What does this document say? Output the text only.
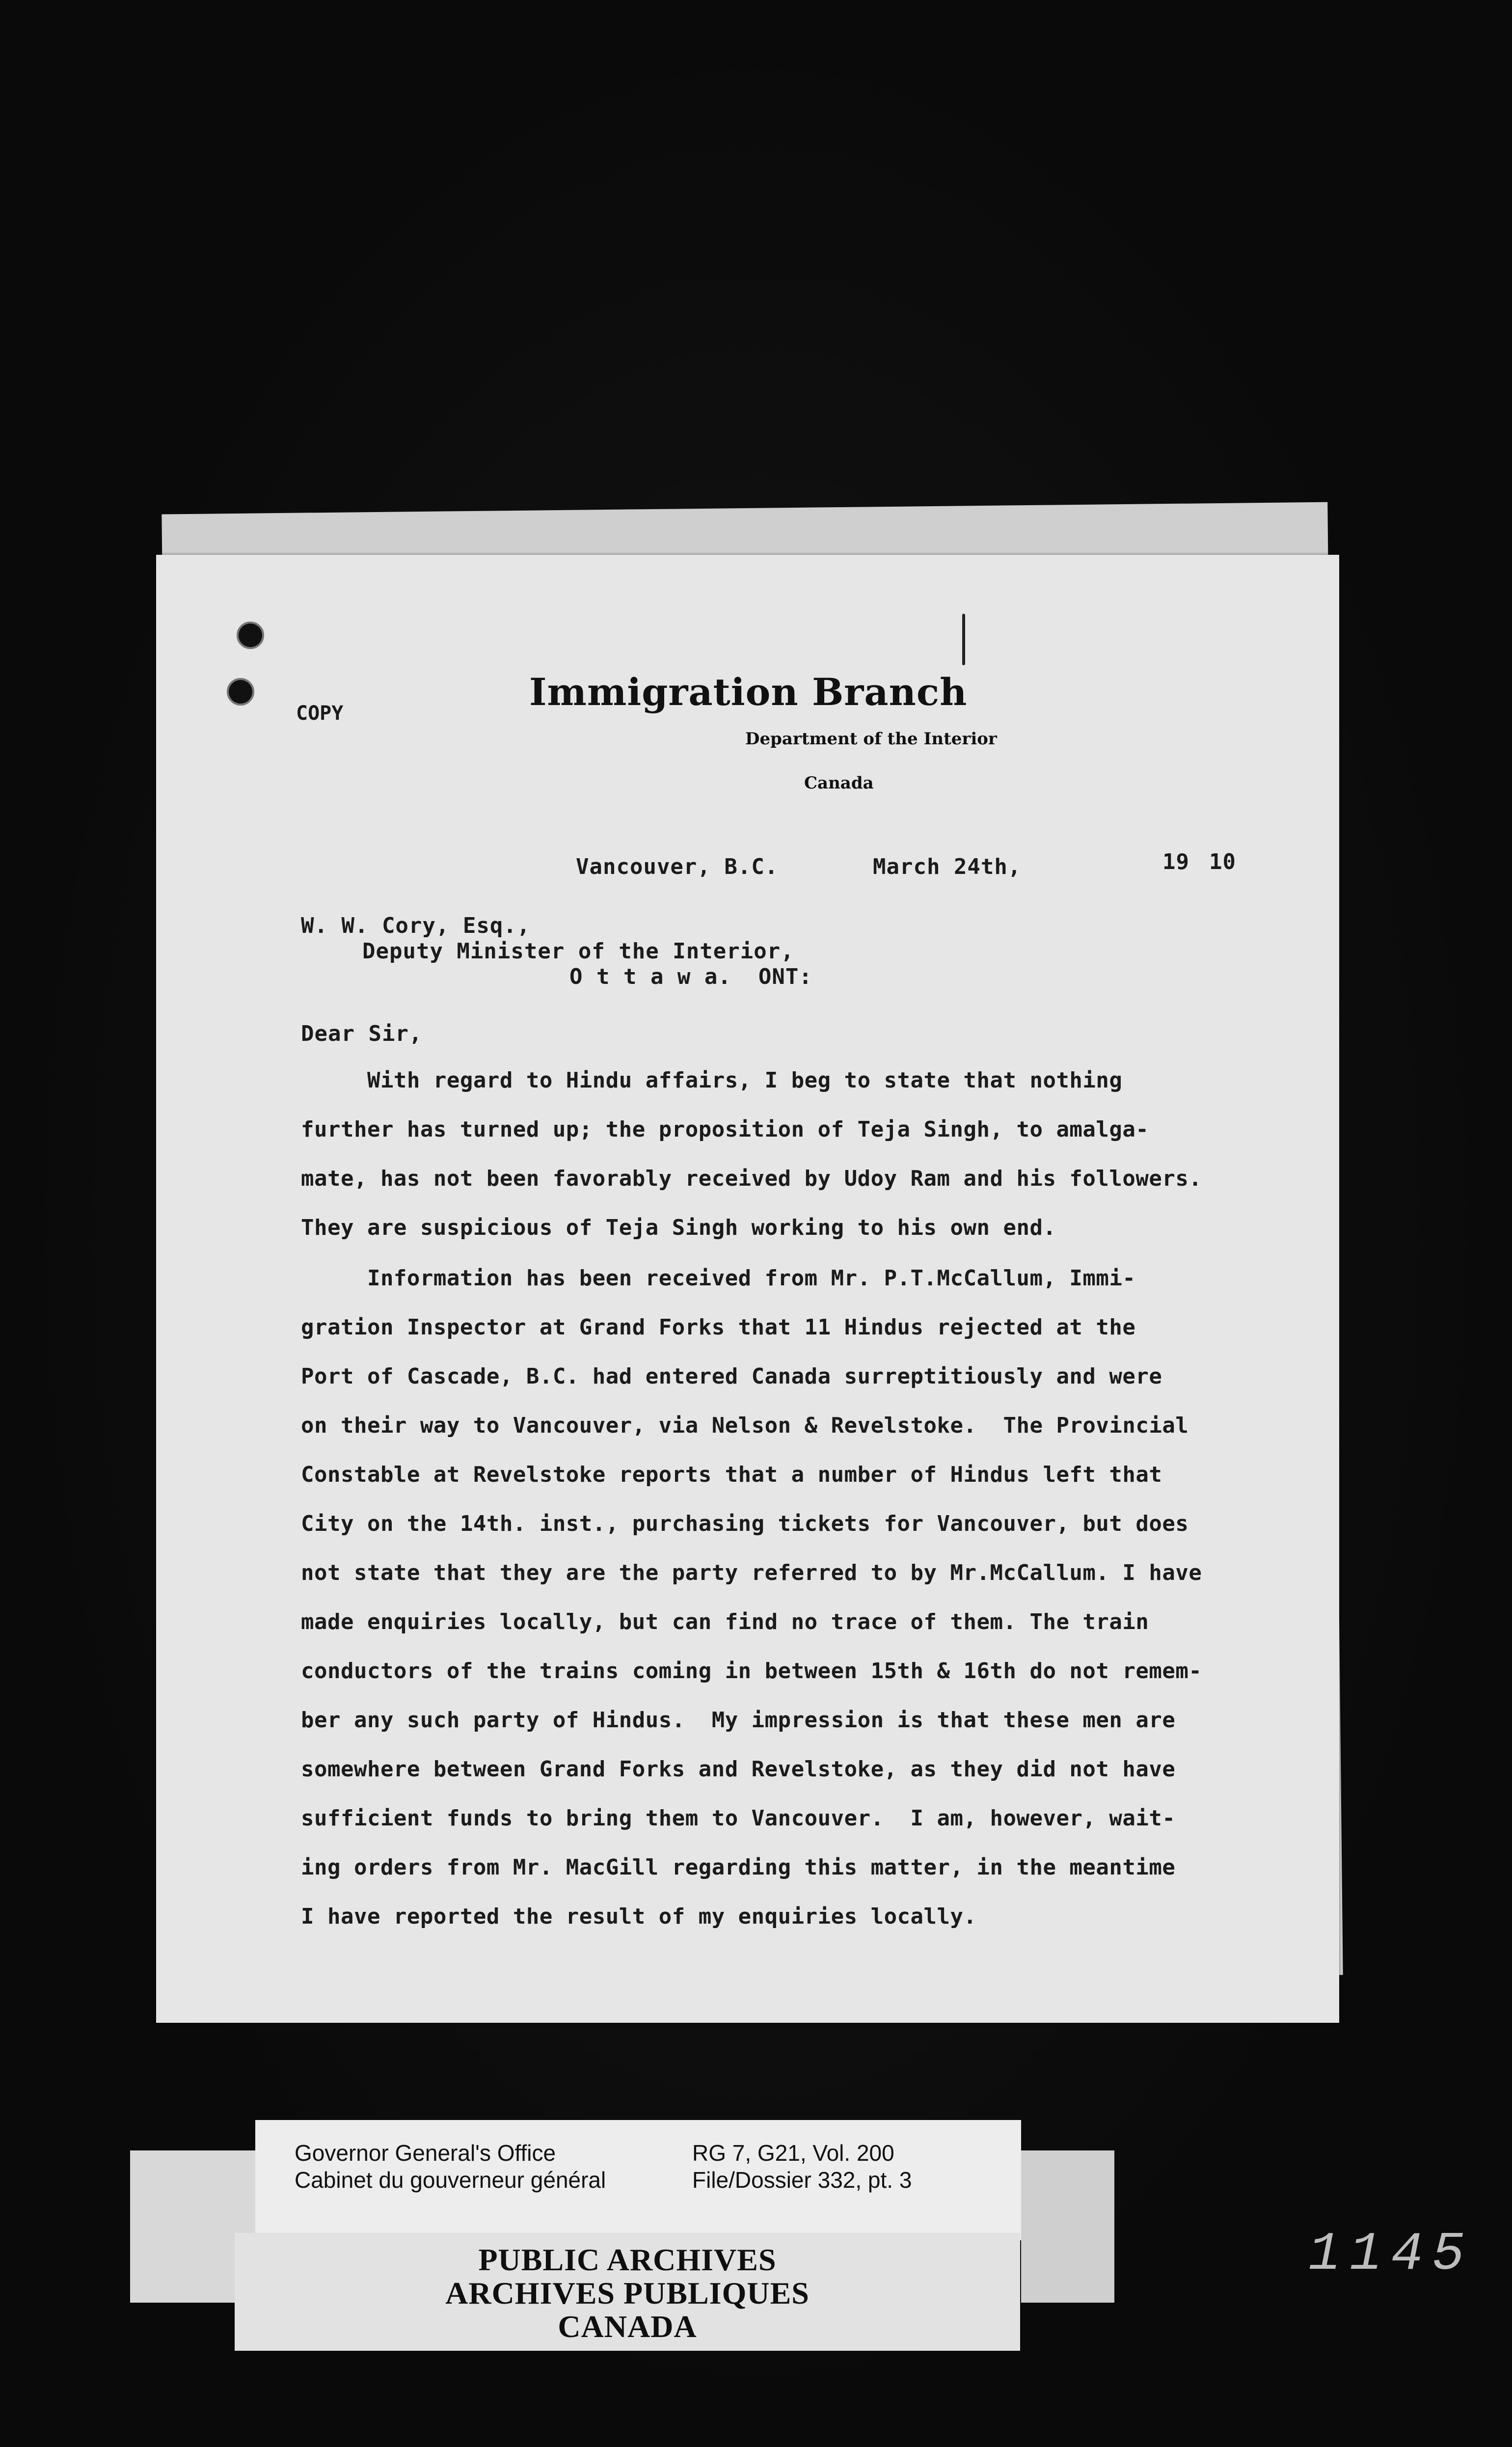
COPY	Immigration Branch
Department of the Interior
Canada
Vancouver, B.C.	March 24th,	19 10
W. W. Cory, Esq.,
Deputy Minister of the Interior,
O t t a w a.  ONT:
Dear Sir,
With regard to Hindu affairs, I beg to state that nothing
further has turned up; the proposition of Teja Singh, to amalga-
mate, has not been favorably received by Udoy Ram and his followers.
They are suspicious of Teja Singh working to his own end.
Information has been received from Mr. P.T.McCallum, Immi-
gration Inspector at Grand Forks that 11 Hindus rejected at the
Port of Cascade, B.C. had entered Canada surreptitiously and were
on their way to Vancouver, via Nelson & Revelstoke.  The Provincial
Constable at Revelstoke reports that a number of Hindus left that
City on the 14th. inst., purchasing tickets for Vancouver, but does
not state that they are the party referred to by Mr.McCallum. I have
made enquiries locally, but can find no trace of them. The train
conductors of the trains coming in between 15th & 16th do not remem-
ber any such party of Hindus.  My impression is that these men are
somewhere between Grand Forks and Revelstoke, as they did not have
sufficient funds to bring them to Vancouver.  I am, however, wait-
ing orders from Mr. MacGill regarding this matter, in the meantime
I have reported the result of my enquiries locally.
Governor General's Office
Cabinet du gouverneur général
RG 7, G21, Vol. 200
File/Dossier 332, pt. 3
PUBLIC ARCHIVES
ARCHIVES PUBLIQUES
CANADA
1145
